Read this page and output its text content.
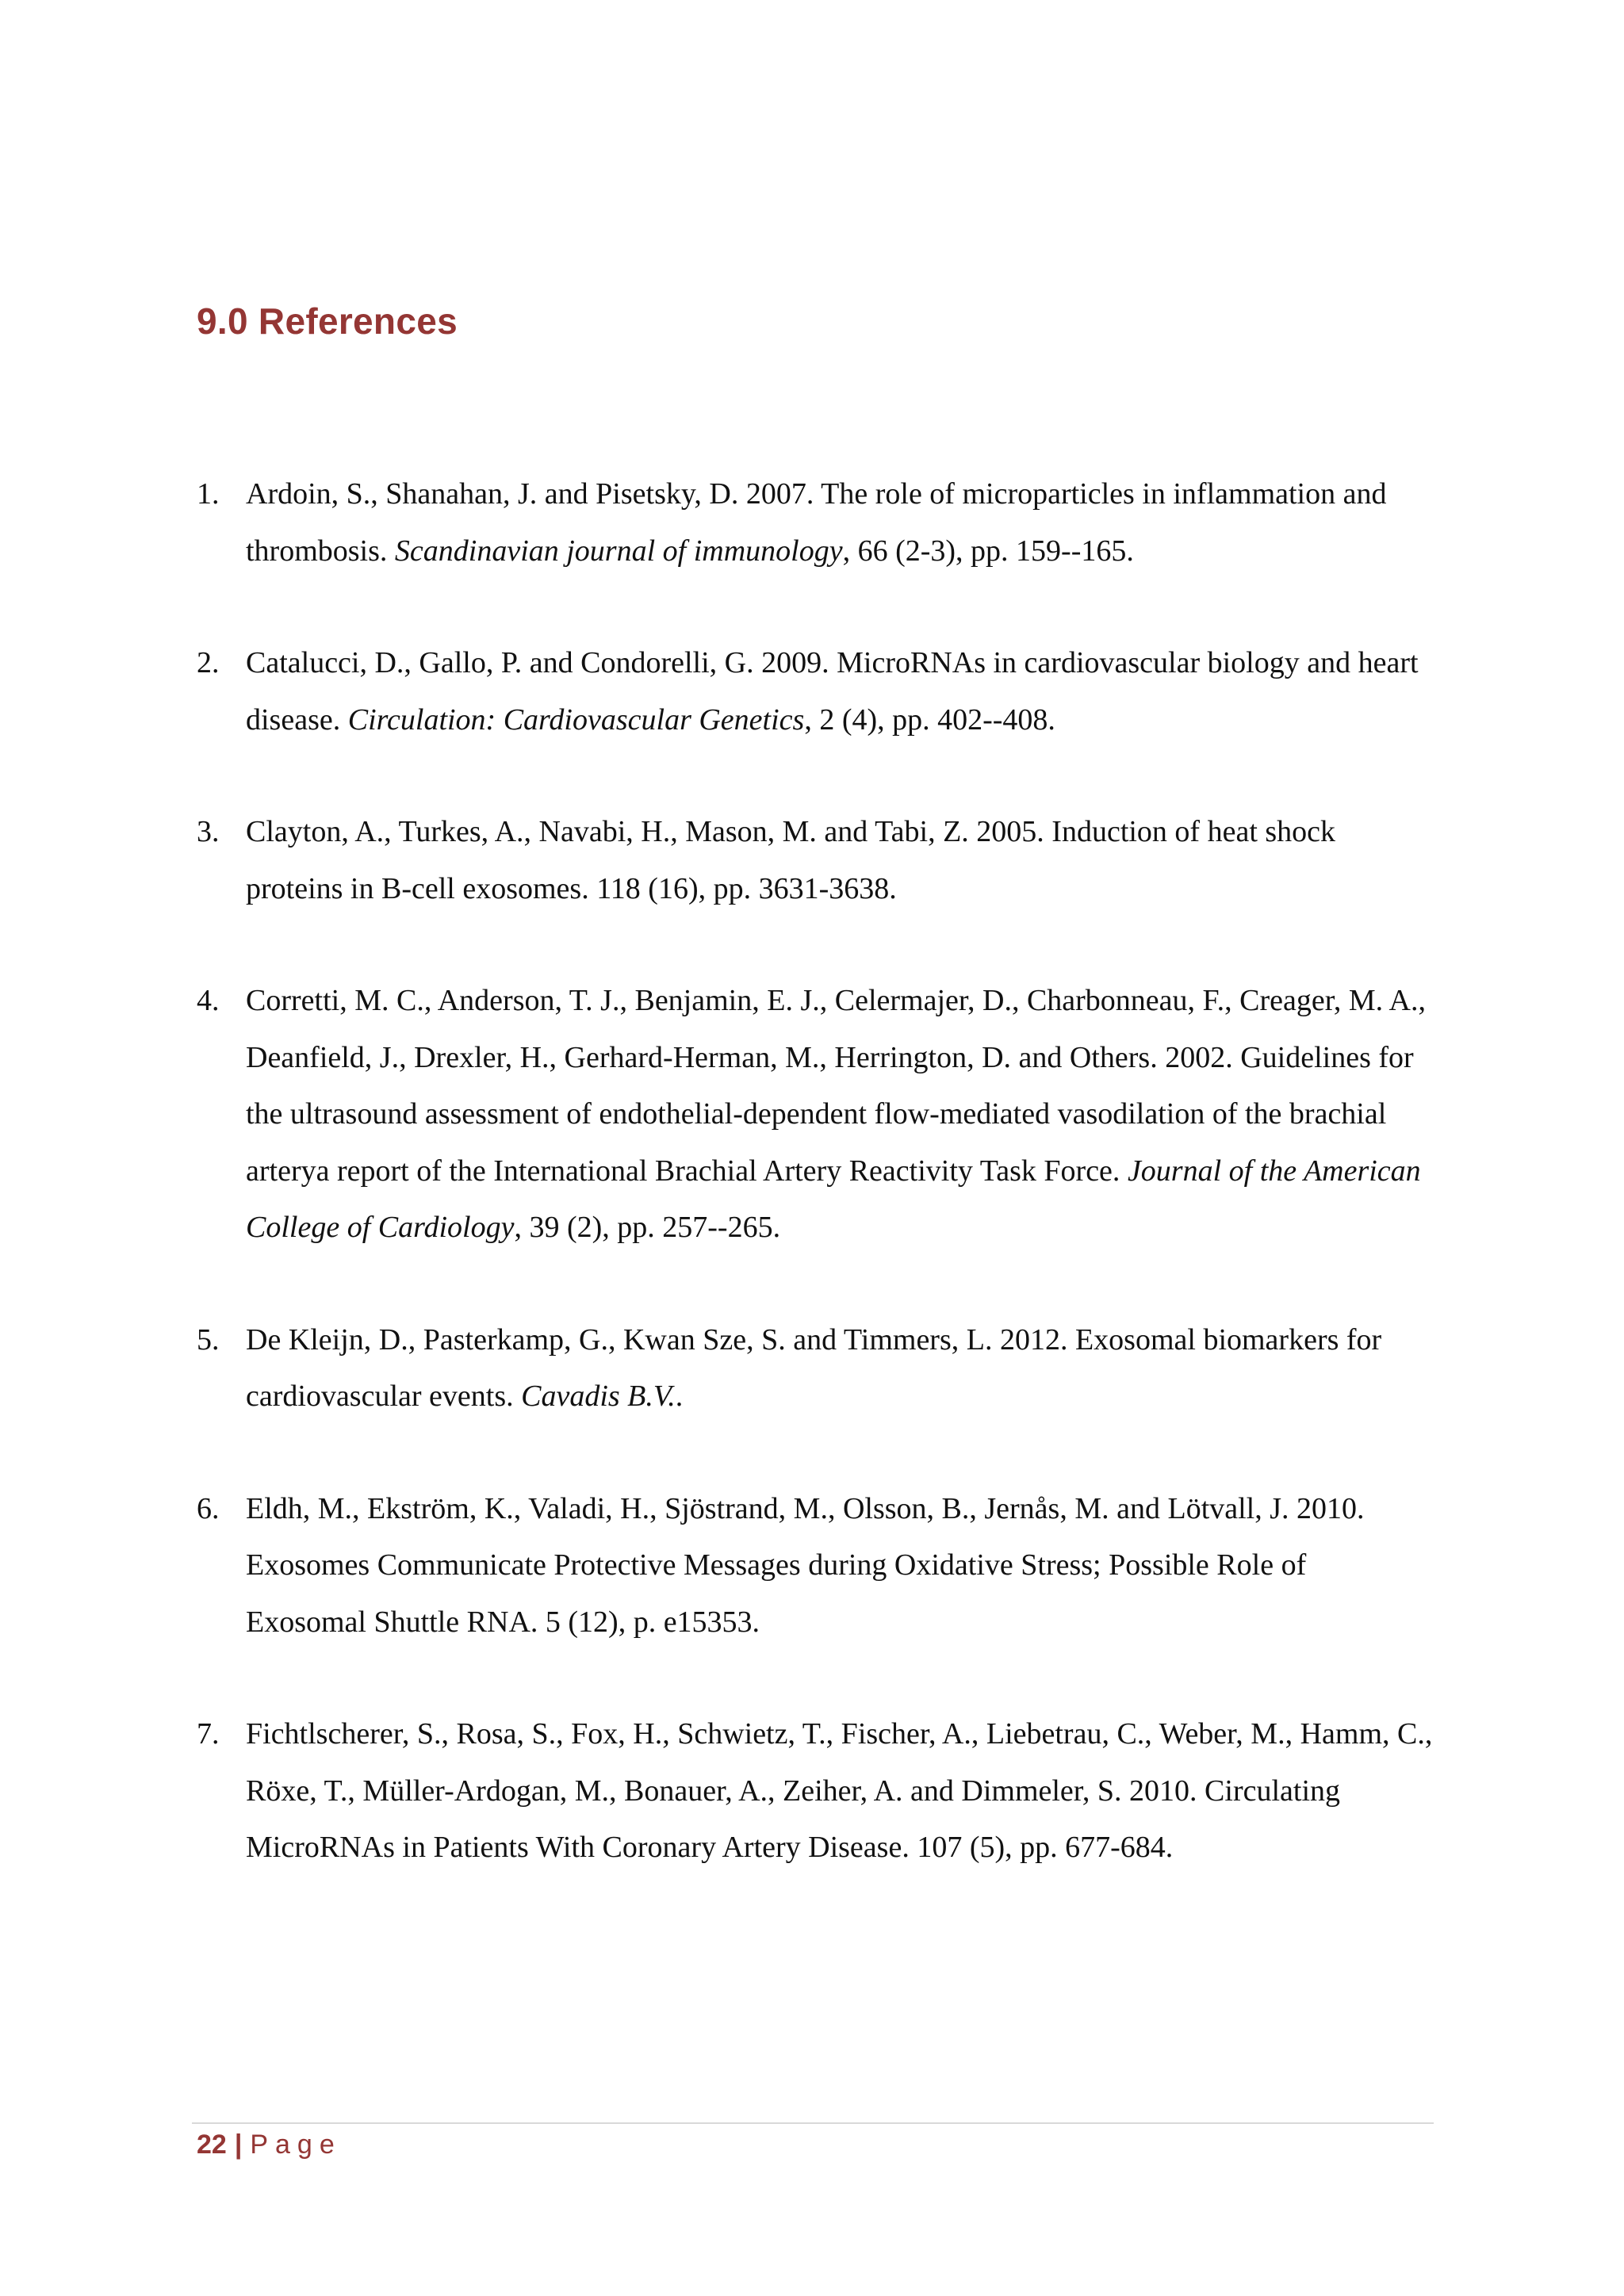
9.0 References
1. Ardoin, S., Shanahan, J. and Pisetsky, D. 2007. The role of microparticles in inflammation and thrombosis. Scandinavian journal of immunology, 66 (2-3), pp. 159--165.
2. Catalucci, D., Gallo, P. and Condorelli, G. 2009. MicroRNAs in cardiovascular biology and heart disease. Circulation: Cardiovascular Genetics, 2 (4), pp. 402--408.
3. Clayton, A., Turkes, A., Navabi, H., Mason, M. and Tabi, Z. 2005. Induction of heat shock proteins in B-cell exosomes. 118 (16), pp. 3631-3638.
4. Corretti, M. C., Anderson, T. J., Benjamin, E. J., Celermajer, D., Charbonneau, F., Creager, M. A., Deanfield, J., Drexler, H., Gerhard-Herman, M., Herrington, D. and Others. 2002. Guidelines for the ultrasound assessment of endothelial-dependent flow-mediated vasodilation of the brachial arterya report of the International Brachial Artery Reactivity Task Force. Journal of the American College of Cardiology, 39 (2), pp. 257--265.
5. De Kleijn, D., Pasterkamp, G., Kwan Sze, S. and Timmers, L. 2012. Exosomal biomarkers for cardiovascular events. Cavadis B.V..
6. Eldh, M., Ekström, K., Valadi, H., Sjöstrand, M., Olsson, B., Jernås, M. and Lötvall, J. 2010. Exosomes Communicate Protective Messages during Oxidative Stress; Possible Role of Exosomal Shuttle RNA. 5 (12), p. e15353.
7. Fichtlscherer, S., Rosa, S., Fox, H., Schwietz, T., Fischer, A., Liebetrau, C., Weber, M., Hamm, C., Röxe, T., Müller-Ardogan, M., Bonauer, A., Zeiher, A. and Dimmeler, S. 2010. Circulating MicroRNAs in Patients With Coronary Artery Disease. 107 (5), pp. 677-684.
22 | Page
